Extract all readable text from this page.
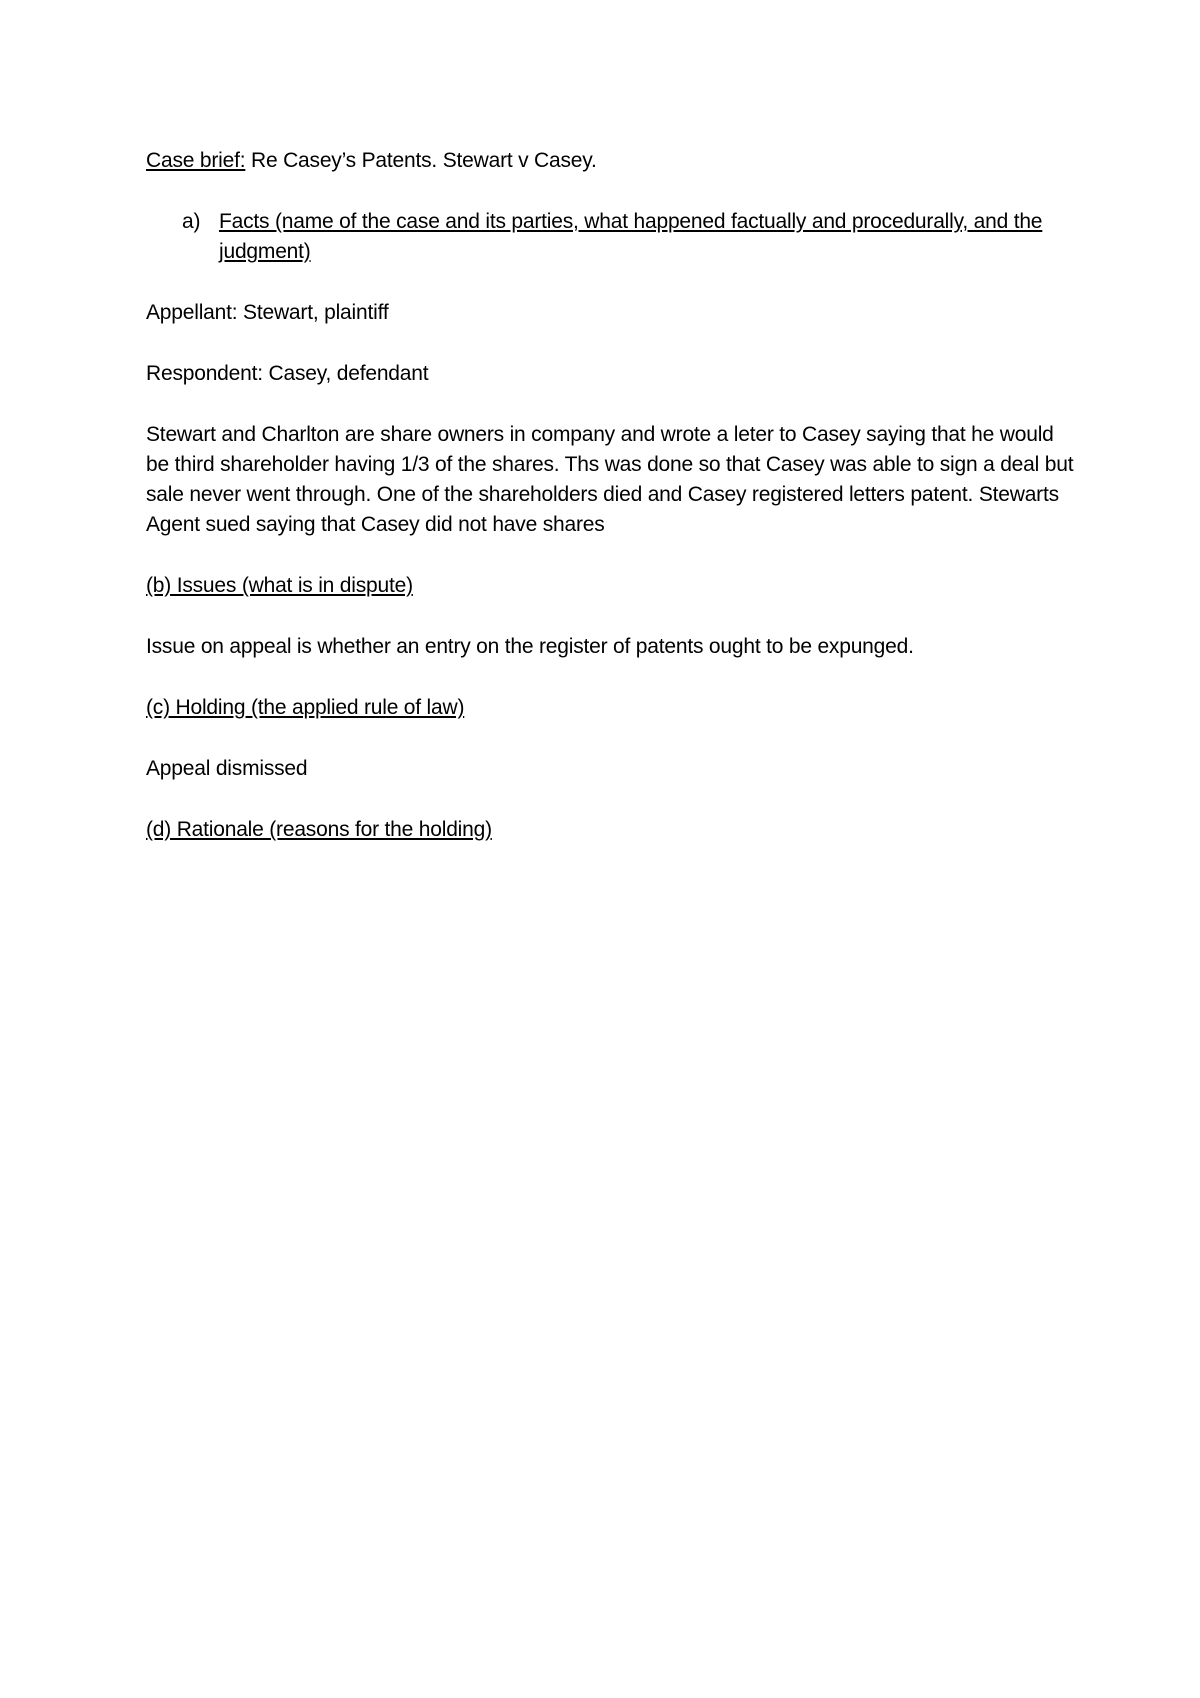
Case brief: Re Casey’s Patents. Stewart v Casey.

a) Facts (name of the case and its parties, what happened factually and procedurally, and the judgment)

Appellant: Stewart, plaintiff

Respondent: Casey, defendant

Stewart and Charlton are share owners in company and wrote a leter to Casey saying that he would be third shareholder having 1/3 of the shares. Ths was done so that Casey was able to sign a deal but sale never went through. One of the shareholders died and Casey registered letters patent. Stewarts Agent sued saying that Casey did not have shares

(b) Issues (what is in dispute)

Issue on appeal is whether an entry on the register of patents ought to be expunged.

(c) Holding (the applied rule of law)

Appeal dismissed

(d) Rationale (reasons for the holding)
